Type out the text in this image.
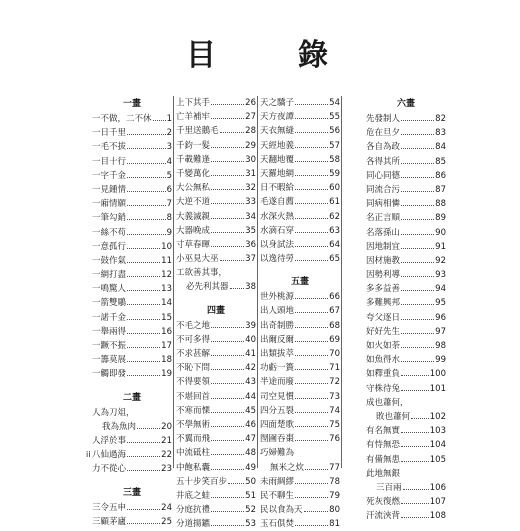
目　錄
一畫
一不做，二不休 1
一日千里	2
一毛不拔	3
一目十行	4
一字千金	5
一見鍾情	6
一廂情願	7
一筆勾銷	8
一絲不苟	9
一意孤行	10
一鼓作氣	11
一網打盡	12
一鳴驚人	13
一箭雙鵰	14
一諾千金	15
一舉兩得	16
一蹶不振	17
一籌莫展	18
一觸即發	19
二畫
人為刀俎，
我為魚肉	20
人浮於事	21
八仙過海	22
力不從心	23
三畫
三令五申	24
三顧茅廬	25
上下其手	26
亡羊補牢	27
千里送鵝毛	28
千鈞一髮	29
千載難逢	30
千變萬化	31
大公無私	32
大逆不道	33
大義滅親	34
大器晚成	35
寸草春暉	36
小巫見大巫	37
工欲善其事，
必先利其器 38
四畫
不毛之地	39
不可多得	40
不求甚解	41
不恥下問	42
不得要領	43
不堪回首	44
不寒而慄	45
不學無術	46
不翼而飛	47
中流砥柱	48
中飽私囊	49
五十步笑百步 50
井底之蛙	51
分庭抗禮	52
分道揚鑣	53
天之驕子	54
天方夜譚	55
天衣無縫	56
天經地義	57
天翻地覆	58
天羅地網	59
日不暇給	60
毛遂自薦	61
水深火熱	62
水滴石穿	63
以身試法	64
以逸待勞	65
五畫
世外桃源	66
出人頭地	67
出奇制勝	68
出爾反爾	69
出類拔萃	70
功虧一簣	71
半途而廢	72
司空見慣	73
四分五裂	74
四面楚歌	75
囫圇吞棗	76
巧婦難為
無米之炊	77
未雨綢繆	78
民不聊生	79
民以食為天	80
玉石俱焚	81
六畫
先發制人	82
危在旦夕	83
各自為政	84
各得其所	85
同心同德	86
同流合污	87
同病相憐	88
名正言順	89
名落孫山	90
因地制宜	91
因材施教	92
因勢利導	93
多多益善	94
多難興邦	95
夸父逐日	96
好好先生	97
如火如荼	98
如魚得水	99
如釋重負	100
守株待兔	101
成也蕭何，
敗也蕭何 102
有名無實	103
有恃無恐	104
有備無患	105
此地無銀
三百兩	106
死灰復燃	107
汗流浹背	108
ii
